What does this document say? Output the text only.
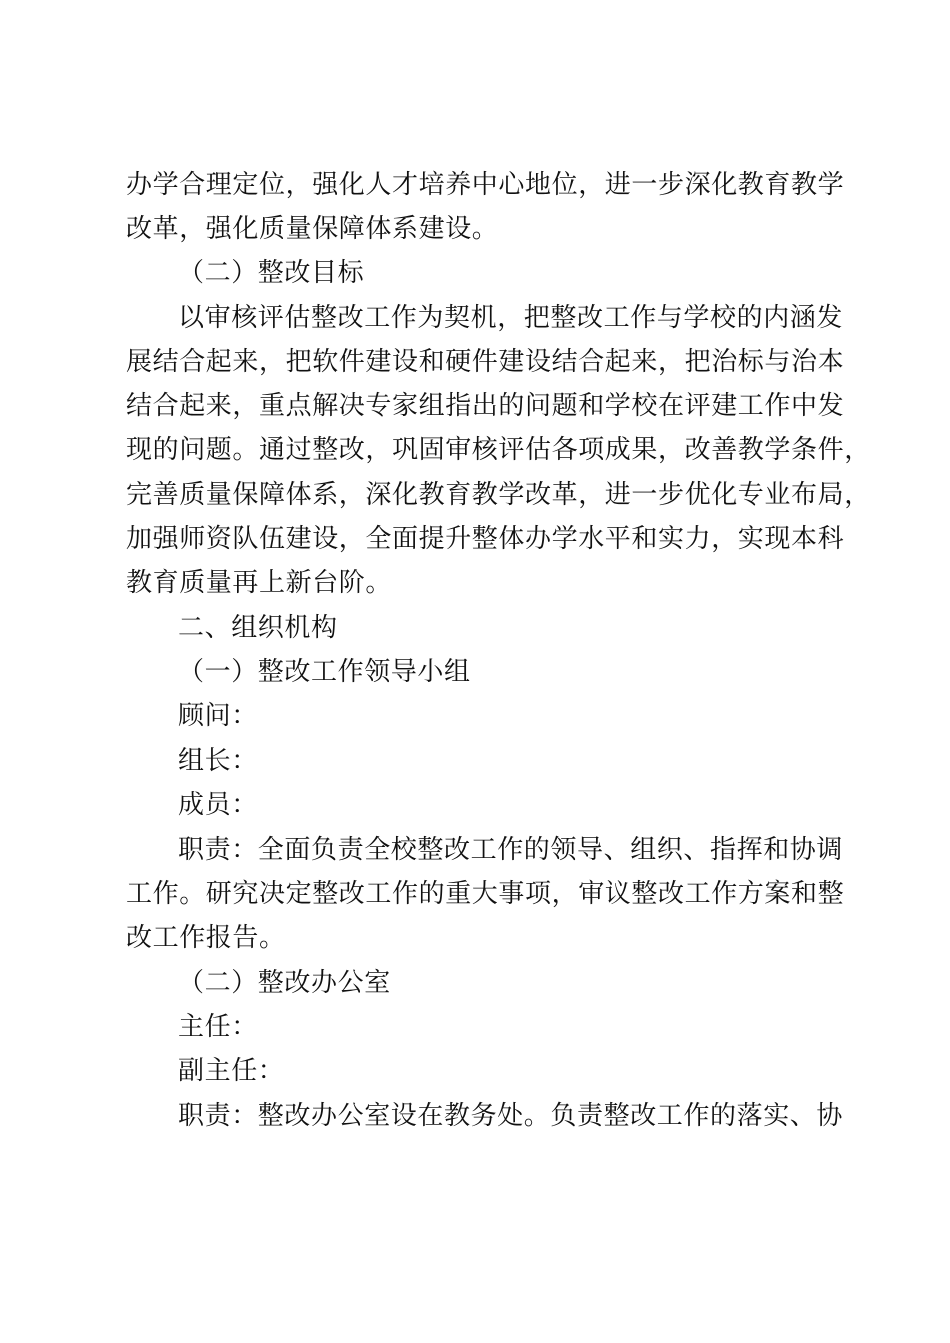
办学合理定位，强化人才培养中心地位，进一步深化教育教学
改革，强化质量保障体系建设。
（二）整改目标
以审核评估整改工作为契机，把整改工作与学校的内涵发
展结合起来，把软件建设和硬件建设结合起来，把治标与治本
结合起来，重点解决专家组指出的问题和学校在评建工作中发
现的问题。通过整改，巩固审核评估各项成果，改善教学条件，
完善质量保障体系，深化教育教学改革，进一步优化专业布局，
加强师资队伍建设，全面提升整体办学水平和实力，实现本科
教育质量再上新台阶。
二、组织机构
（一）整改工作领导小组
顾问：
组长：
成员：
职责：全面负责全校整改工作的领导、组织、指挥和协调
工作。研究决定整改工作的重大事项，审议整改工作方案和整
改工作报告。
（二）整改办公室
主任：
副主任：
职责：整改办公室设在教务处。负责整改工作的落实、协
